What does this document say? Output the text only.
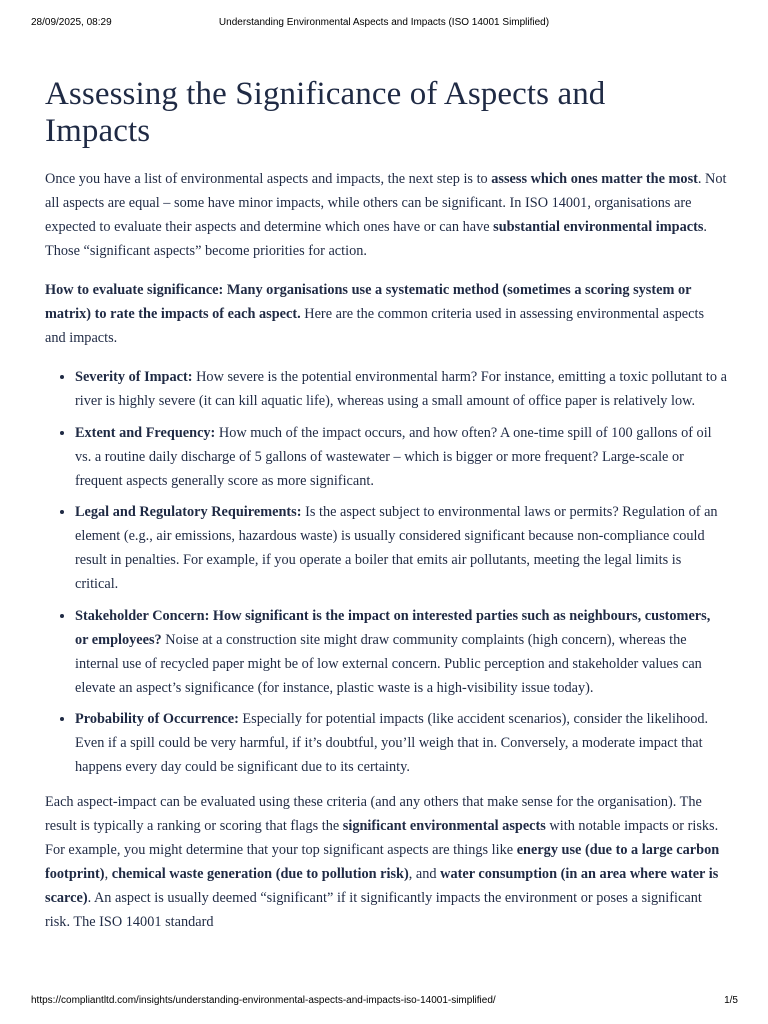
28/09/2025, 08:29	Understanding Environmental Aspects and Impacts (ISO 14001 Simplified)
Assessing the Significance of Aspects and Impacts

Once you have a list of environmental aspects and impacts, the next step is to assess which ones matter the most. Not all aspects are equal – some have minor impacts, while others can be significant. In ISO 14001, organisations are expected to evaluate their aspects and determine which ones have or can have substantial environmental impacts. Those “significant aspects” become priorities for action.

How to evaluate significance: Many organisations use a systematic method (sometimes a scoring system or matrix) to rate the impacts of each aspect. Here are the common criteria used in assessing environmental aspects and impacts.

• Severity of Impact: How severe is the potential environmental harm? For instance, emitting a toxic pollutant to a river is highly severe (it can kill aquatic life), whereas using a small amount of office paper is relatively low.
• Extent and Frequency: How much of the impact occurs, and how often? A one-time spill of 100 gallons of oil vs. a routine daily discharge of 5 gallons of wastewater – which is bigger or more frequent? Large-scale or frequent aspects generally score as more significant.
• Legal and Regulatory Requirements: Is the aspect subject to environmental laws or permits? Regulation of an element (e.g., air emissions, hazardous waste) is usually considered significant because non-compliance could result in penalties. For example, if you operate a boiler that emits air pollutants, meeting the legal limits is critical.
• Stakeholder Concern: How significant is the impact on interested parties such as neighbours, customers, or employees? Noise at a construction site might draw community complaints (high concern), whereas the internal use of recycled paper might be of low external concern. Public perception and stakeholder values can elevate an aspect’s significance (for instance, plastic waste is a high-visibility issue today).
• Probability of Occurrence: Especially for potential impacts (like accident scenarios), consider the likelihood. Even if a spill could be very harmful, if it’s doubtful, you’ll weigh that in. Conversely, a moderate impact that happens every day could be significant due to its certainty.

Each aspect-impact can be evaluated using these criteria (and any others that make sense for the organisation). The result is typically a ranking or scoring that flags the significant environmental aspects with notable impacts or risks. For example, you might determine that your top significant aspects are things like energy use (due to a large carbon footprint), chemical waste generation (due to pollution risk), and water consumption (in an area where water is scarce). An aspect is usually deemed “significant” if it significantly impacts the environment or poses a significant risk. The ISO 14001 standard

https://compliantltd.com/insights/understanding-environmental-aspects-and-impacts-iso-14001-simplified/	1/5
